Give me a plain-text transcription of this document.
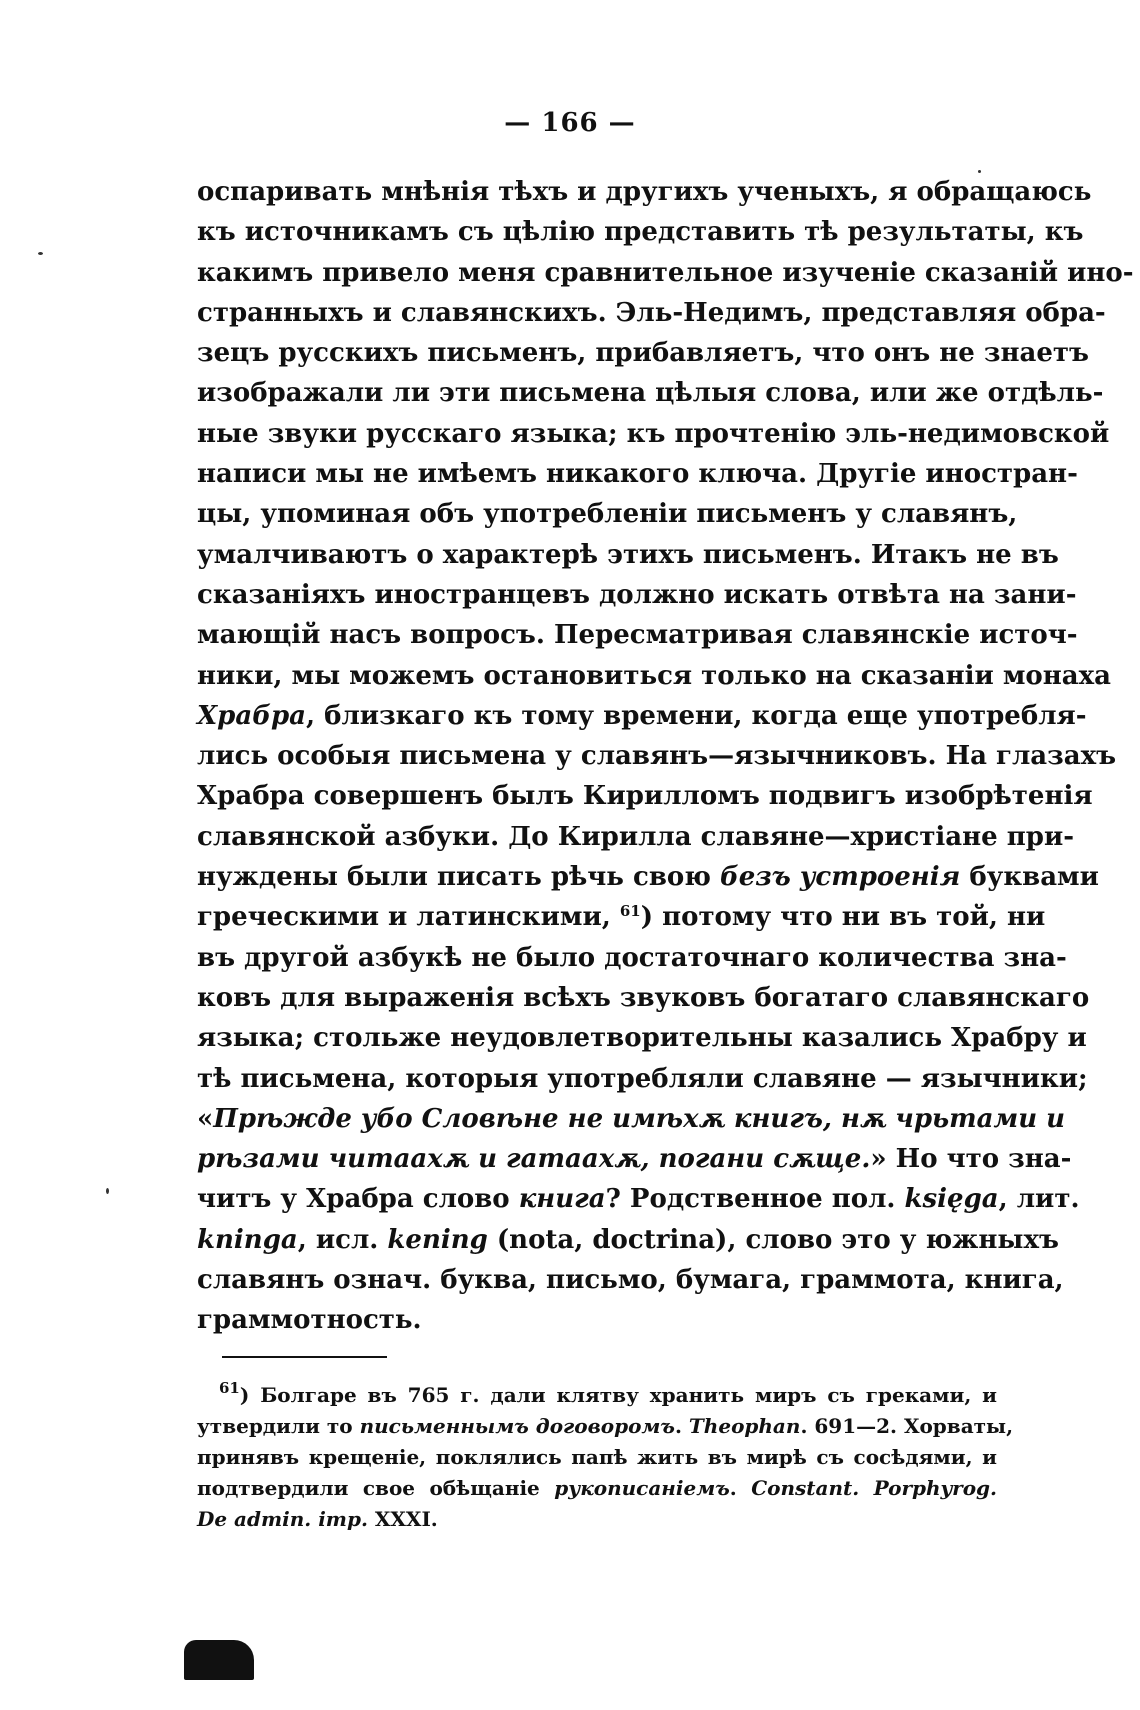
— 166 —
оспаривать мнѣнія тѣхъ и другихъ ученыхъ, я обращаюсь
къ источникамъ съ цѣлію представить тѣ результаты, къ
какимъ привело меня сравнительное изученіе сказаній ино-
странныхъ и славянскихъ. Эль-Недимъ, представляя обра-
зецъ русскихъ письменъ, прибавляетъ, что онъ не знаетъ
изображали ли эти письмена цѣлыя слова, или же отдѣль-
ные звуки русскаго языка; къ прочтенію эль-недимовской
написи мы не имѣемъ никакого ключа. Другіе иностран-
цы, упоминая объ употребленіи письменъ у славянъ,
умалчиваютъ о характерѣ этихъ письменъ. Итакъ не въ
сказаніяхъ иностранцевъ должно искать отвѣта на зани-
мающій насъ вопросъ. Пересматривая славянскіе источ-
ники, мы можемъ остановиться только на сказаніи монаха
Храбра, близкаго къ тому времени, когда еще употребля-
лись особыя письмена у славянъ—язычниковъ. На глазахъ
Храбра совершенъ былъ Кирилломъ подвигъ изобрѣтенія
славянской азбуки. До Кирилла славяне—христіане при-
нуждены были писать рѣчь свою безъ устроенія буквами
греческими и латинскими, $^{61}$) потому что ни въ той, ни
въ другой азбукѣ не было достаточнаго количества зна-
ковъ для выраженія всѣхъ звуковъ богатаго славянскаго
языка; стольже неудовлетворительны казались Храбру и
тѣ письмена, которыя употребляли славяне — язычники;
«Прѣжде убо Словѣне не имѣхѫ книгъ, нѫ чрьтами и
рѣзами читаахѫ и гатаахѫ, погани сѫще.» Но что зна-
читъ у Храбра слово книга? Родственное пол. księga, лит.
kninga, исл. kening (nota, doctrina), слово это у южныхъ
славянъ означ. буква, письмо, бумага, граммота, книга,
граммотность.
$^{61}$) Болгаре въ 765 г. дали клятву хранить миръ съ греками, и
утвердили то письменнымъ договоромъ. Theophan. 691—2. Хорваты,
принявъ крещеніе, поклялись папѣ жить въ мирѣ съ сосѣдями, и
подтвердили свое обѣщаніе рукописаніемъ. Constant. Porphyrog.
De admin. imp. XXXI.
